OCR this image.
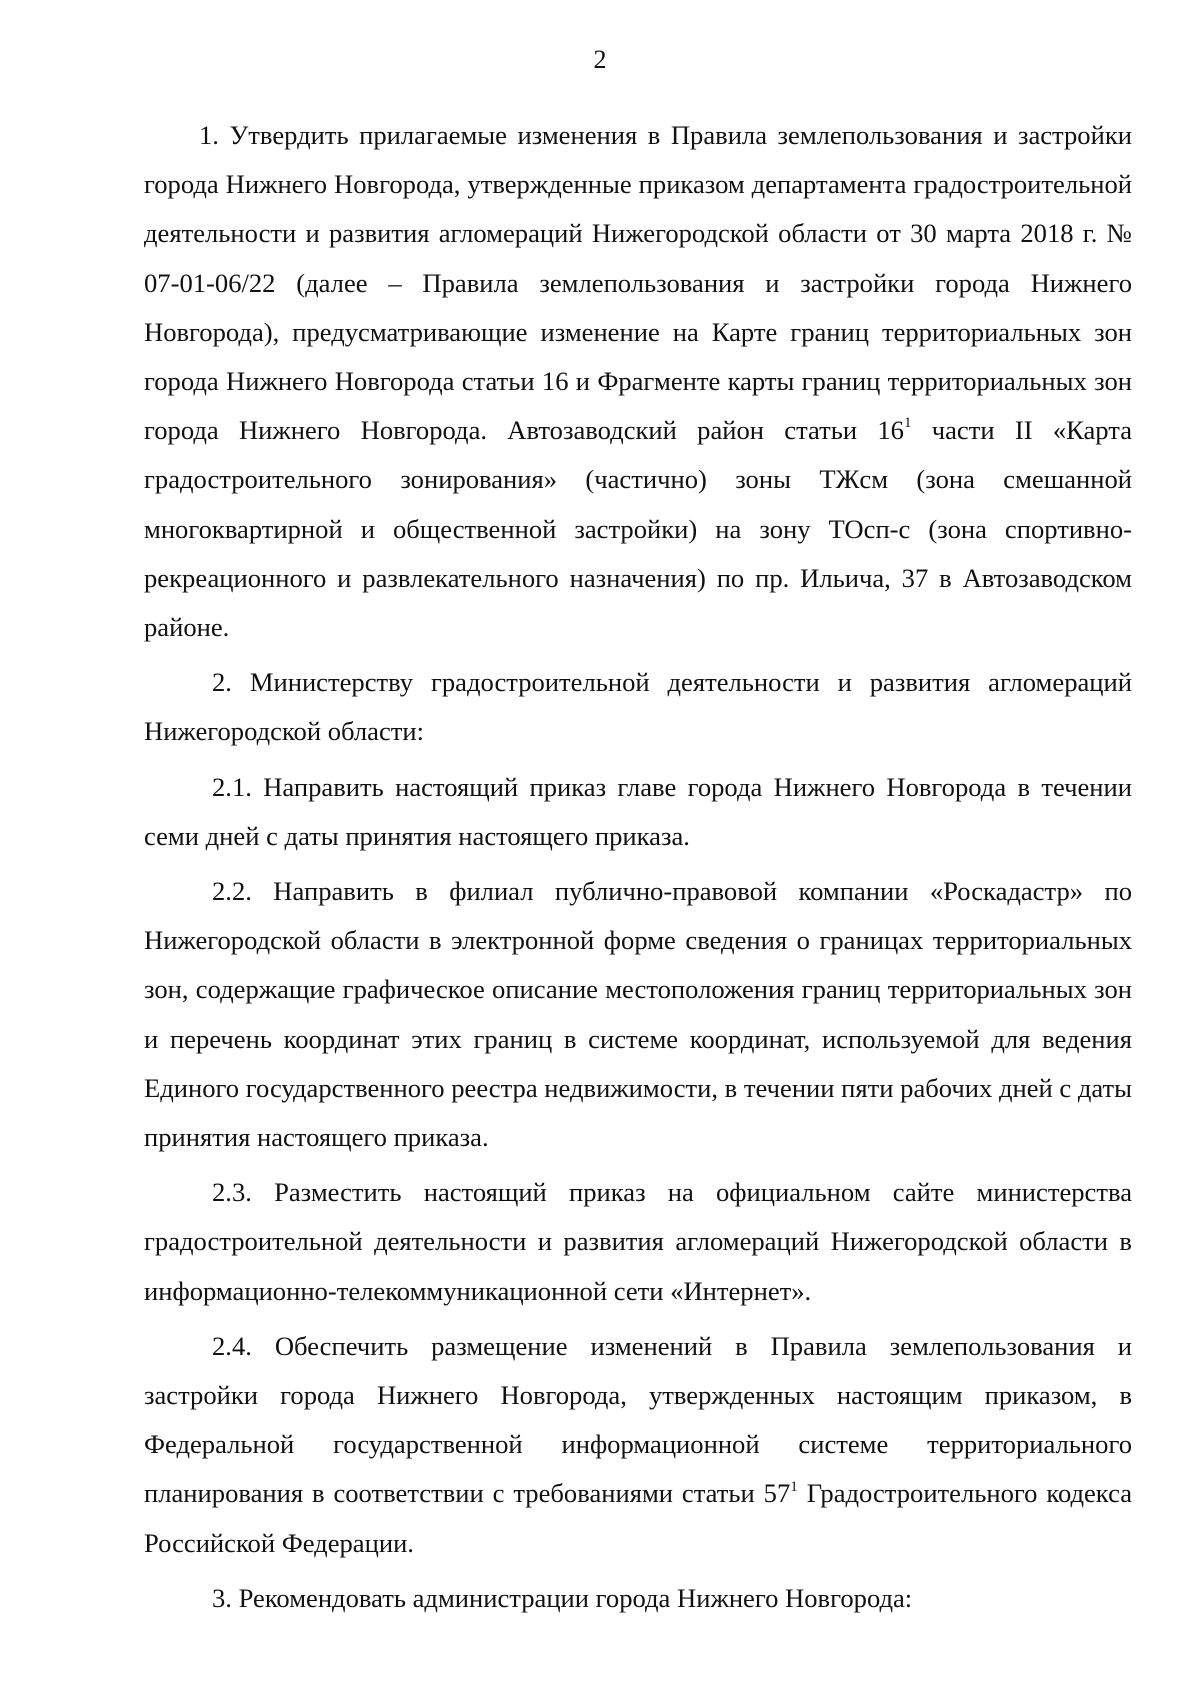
2

1. Утвердить прилагаемые изменения в Правила землепользования и застройки города Нижнего Новгорода, утвержденные приказом департамента градостроительной деятельности и развития агломераций Нижегородской области от 30 марта 2018 г. № 07-01-06/22 (далее – Правила землепользования и застройки города Нижнего Новгорода), предусматривающие изменение на Карте границ территориальных зон города Нижнего Новгорода статьи 16 и Фрагменте карты границ территориальных зон города Нижнего Новгорода. Автозаводский район статьи $16^1$ части II «Карта градостроительного зонирования» (частично) зоны ТЖсм (зона смешанной многоквартирной и общественной застройки) на зону ТОсп-с (зона спортивно-рекреационного и развлекательного назначения) по пр. Ильича, 37 в Автозаводском районе.

2. Министерству градостроительной деятельности и развития агломераций Нижегородской области:

2.1. Направить настоящий приказ главе города Нижнего Новгорода в течении семи дней с даты принятия настоящего приказа.

2.2. Направить в филиал публично-правовой компании «Роскадастр» по Нижегородской области в электронной форме сведения о границах территориальных зон, содержащие графическое описание местоположения границ территориальных зон и перечень координат этих границ в системе координат, используемой для ведения Единого государственного реестра недвижимости, в течении пяти рабочих дней с даты принятия настоящего приказа.

2.3. Разместить настоящий приказ на официальном сайте министерства градостроительной деятельности и развития агломераций Нижегородской области в информационно-телекоммуникационной сети «Интернет».

2.4. Обеспечить размещение изменений в Правила землепользования и застройки города Нижнего Новгорода, утвержденных настоящим приказом, в Федеральной государственной информационной системе территориального планирования в соответствии с требованиями статьи $57^1$ Градостроительного кодекса Российской Федерации.

3. Рекомендовать администрации города Нижнего Новгорода:
